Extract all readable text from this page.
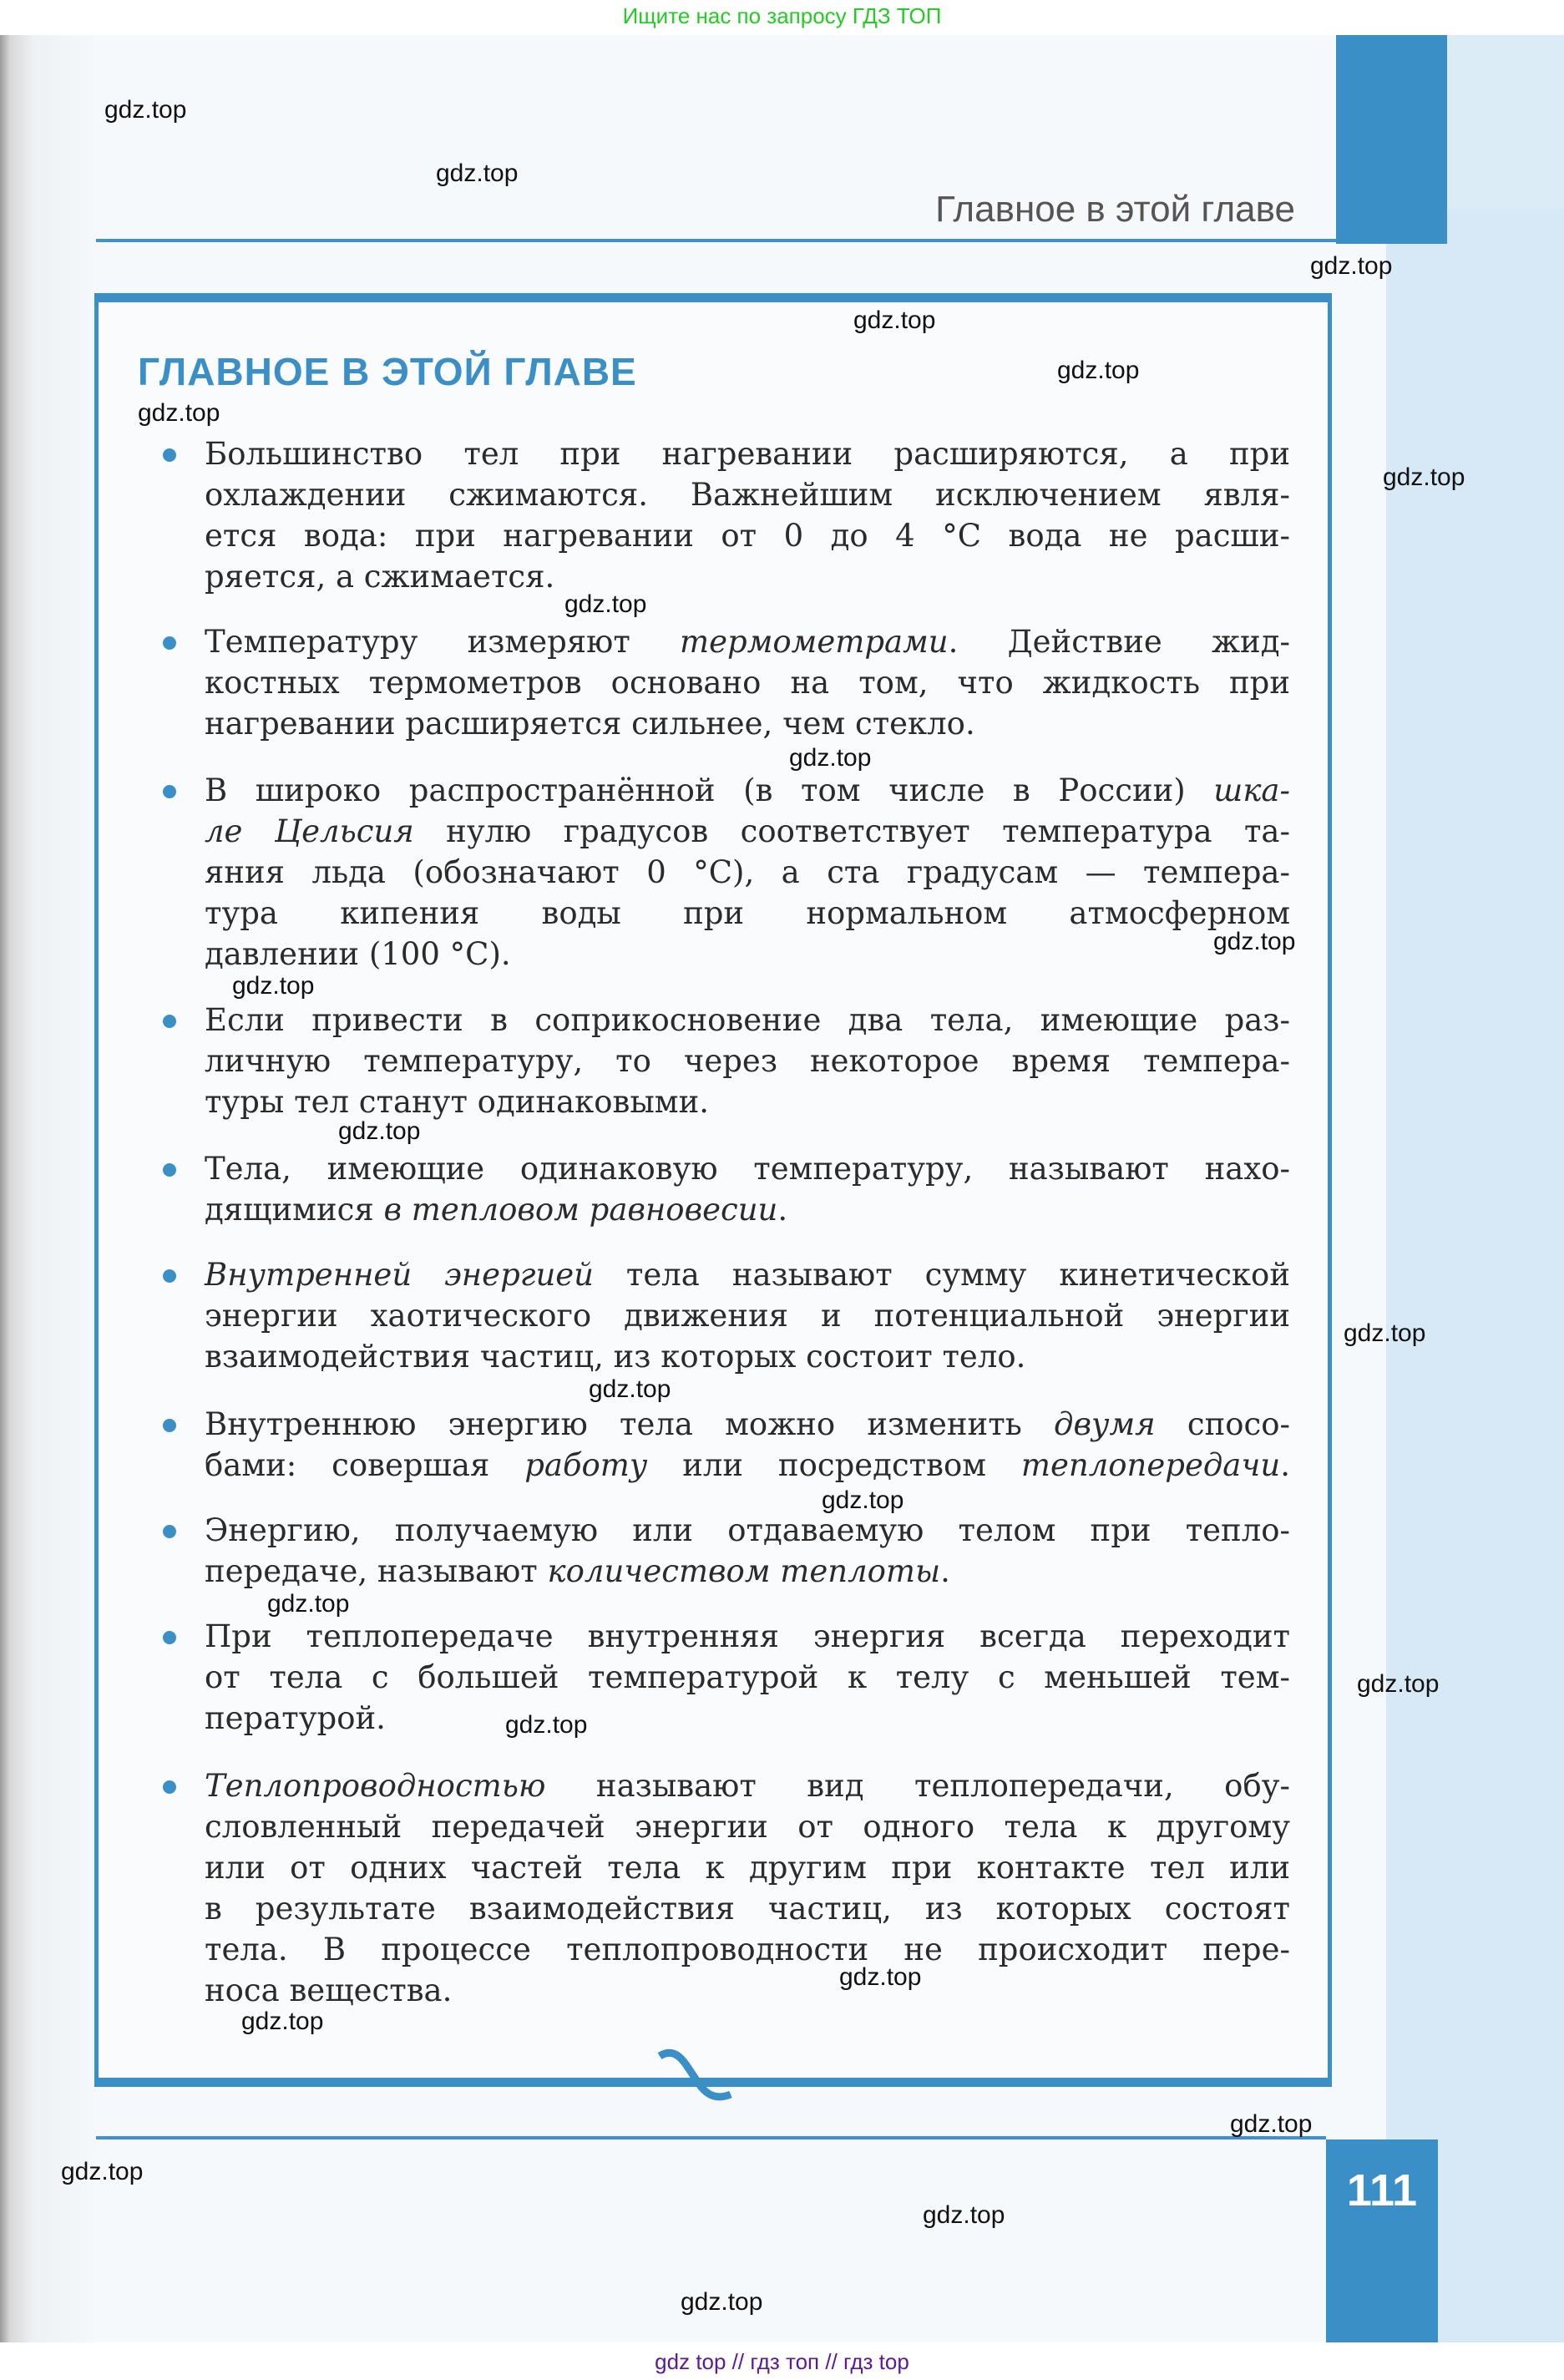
Ищите нас по запросу ГДЗ ТОП
Главное в этой главе
ГЛАВНОЕ В ЭТОЙ ГЛАВЕ
Большинство тел при нагревании расширяются, а при
охлаждении сжимаются. Важнейшим исключением явля-
ется вода: при нагревании от 0 до 4 °С вода не расши-
ряется, а сжимается.
Температуру измеряют термометрами. Действие жид-
костных термометров основано на том, что жидкость при
нагревании расширяется сильнее, чем стекло.
В широко распространённой (в том числе в России) шка-
ле Цельсия нулю градусов соответствует температура та-
яния льда (обозначают 0 °С), а ста градусам — темпера-
тура кипения воды при нормальном атмосферном
давлении (100 °С).
Если привести в соприкосновение два тела, имеющие раз-
личную температуру, то через некоторое время темпера-
туры тел станут одинаковыми.
Тела, имеющие одинаковую температуру, называют нахо-
дящимися в тепловом равновесии.
Внутренней энергией тела называют сумму кинетической
энергии хаотического движения и потенциальной энергии
взаимодействия частиц, из которых состоит тело.
Внутреннюю энергию тела можно изменить двумя спосо-
бами: совершая работу или посредством теплопередачи.
Энергию, получаемую или отдаваемую телом при тепло-
передаче, называют количеством теплоты.
При теплопередаче внутренняя энергия всегда переходит
от тела с большей температурой к телу с меньшей тем-
пературой.
Теплопроводностью называют вид теплопередачи, обу-
словленный передачей энергии от одного тела к другому
или от одних частей тела к другим при контакте тел или
в результате взаимодействия частиц, из которых состоят
тела. В процессе теплопроводности не происходит пере-
носа вещества.
111
gdz.top
gdz.top
gdz.top
gdz.top
gdz.top
gdz.top
gdz.top
gdz.top
gdz.top
gdz.top
gdz.top
gdz.top
gdz.top
gdz.top
gdz.top
gdz.top
gdz.top
gdz.top
gdz.top
gdz.top
gdz.top
gdz.top
gdz.top
gdz.top
gdz top // гдз топ // гдз top
